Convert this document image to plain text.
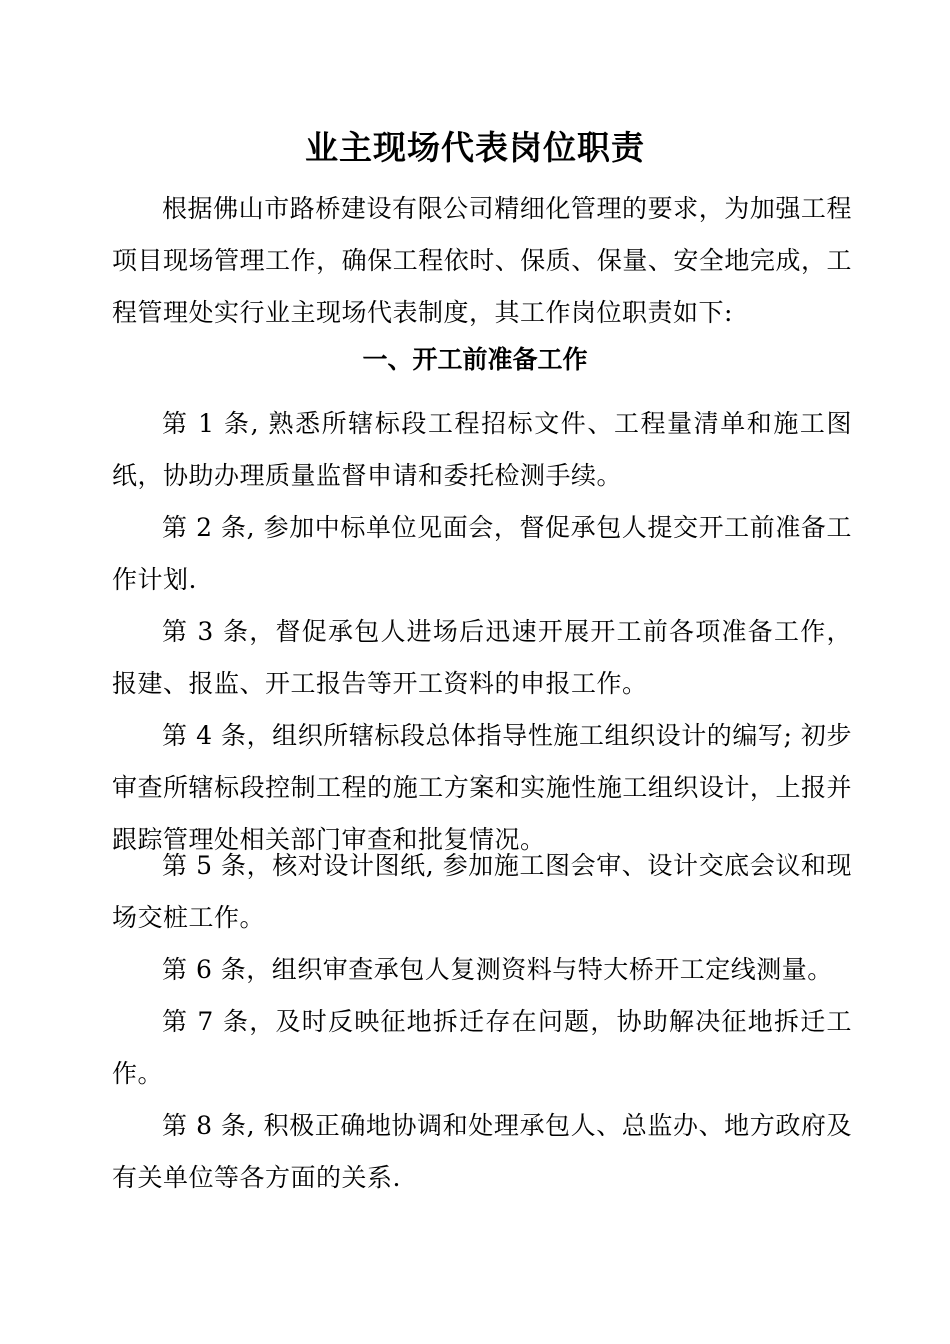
业主现场代表岗位职责

根据佛山市路桥建设有限公司精细化管理的要求，为加强工程项目现场管理工作，确保工程依时、保质、保量、安全地完成，工程管理处实行业主现场代表制度，其工作岗位职责如下:

一、开工前准备工作

第 1 条, 熟悉所辖标段工程招标文件、工程量清单和施工图纸，协助办理质量监督申请和委托检测手续。

第 2 条, 参加中标单位见面会，督促承包人提交开工前准备工作计划.

第 3 条，督促承包人进场后迅速开展开工前各项准备工作，报建、报监、开工报告等开工资料的申报工作。

第 4 条，组织所辖标段总体指导性施工组织设计的编写; 初步审查所辖标段控制工程的施工方案和实施性施工组织设计，上报并跟踪管理处相关部门审查和批复情况。

第 5 条，核对设计图纸, 参加施工图会审、设计交底会议和现场交桩工作。

第 6 条，组织审查承包人复测资料与特大桥开工定线测量。

第 7 条，及时反映征地拆迁存在问题，协助解决征地拆迁工作。

第 8 条, 积极正确地协调和处理承包人、总监办、地方政府及有关单位等各方面的关系.
